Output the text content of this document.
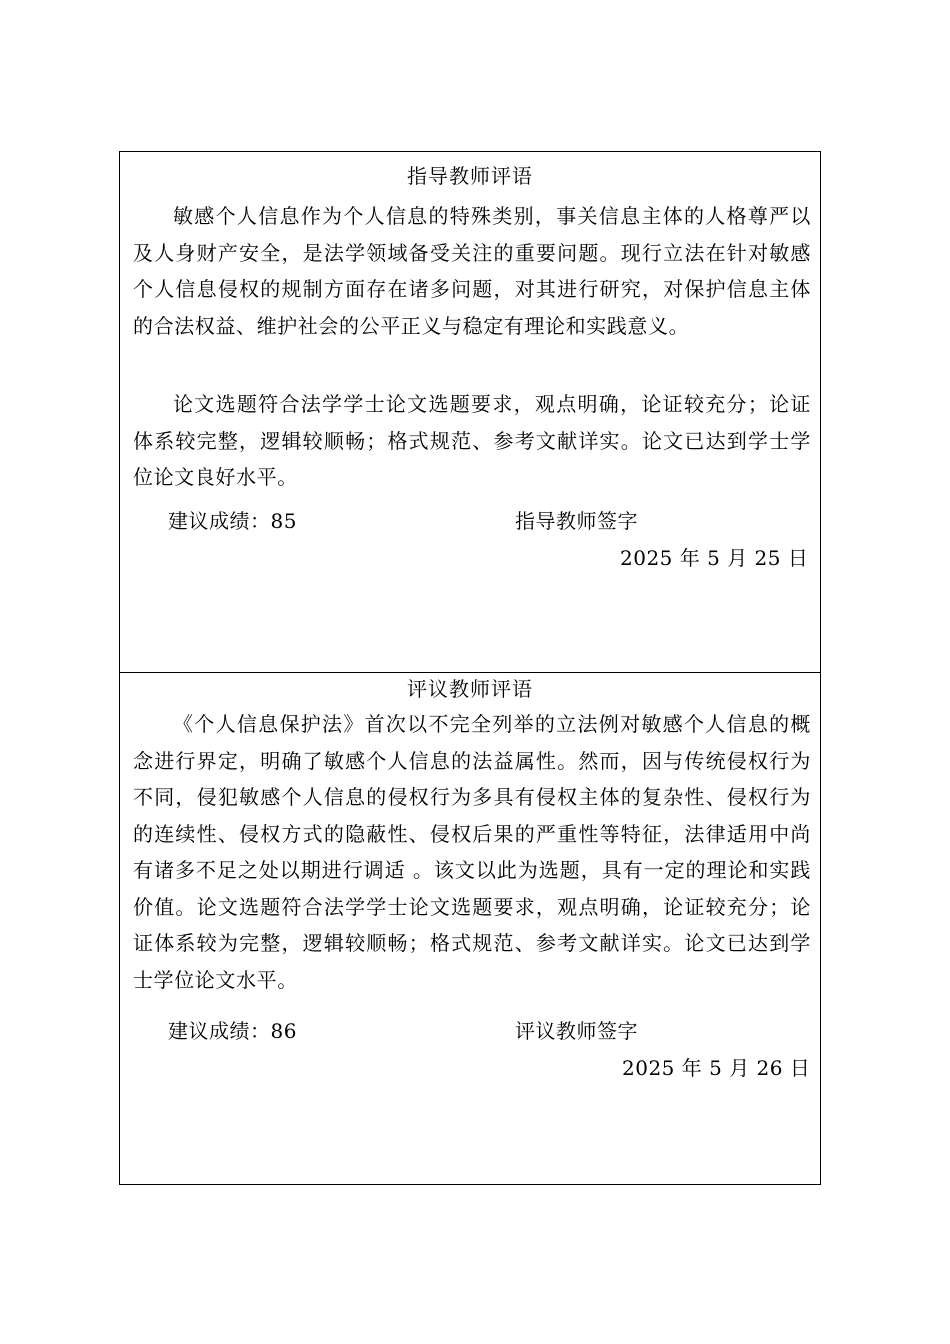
指导教师评语

敏感个人信息作为个人信息的特殊类别，事关信息主体的人格尊严以及人身财产安全，是法学领域备受关注的重要问题。现行立法在针对敏感个人信息侵权的规制方面存在诸多问题，对其进行研究，对保护信息主体的合法权益、维护社会的公平正义与稳定有理论和实践意义。

论文选题符合法学学士论文选题要求，观点明确，论证较充分；论证体系较完整，逻辑较顺畅；格式规范、参考文献详实。论文已达到学士学位论文良好水平。

建议成绩：85	指导教师签字
2025 年 5 月 25 日
评议教师评语

《个人信息保护法》首次以不完全列举的立法例对敏感个人信息的概念进行界定，明确了敏感个人信息的法益属性。然而，因与传统侵权行为不同，侵犯敏感个人信息的侵权行为多具有侵权主体的复杂性、侵权行为的连续性、侵权方式的隐蔽性、侵权后果的严重性等特征，法律适用中尚有诸多不足之处以期进行调适 。该文以此为选题，具有一定的理论和实践价值。论文选题符合法学学士论文选题要求，观点明确，论证较充分；论证体系较为完整，逻辑较顺畅；格式规范、参考文献详实。论文已达到学士学位论文水平。

建议成绩：86	评议教师签字
2025 年 5 月 26 日
